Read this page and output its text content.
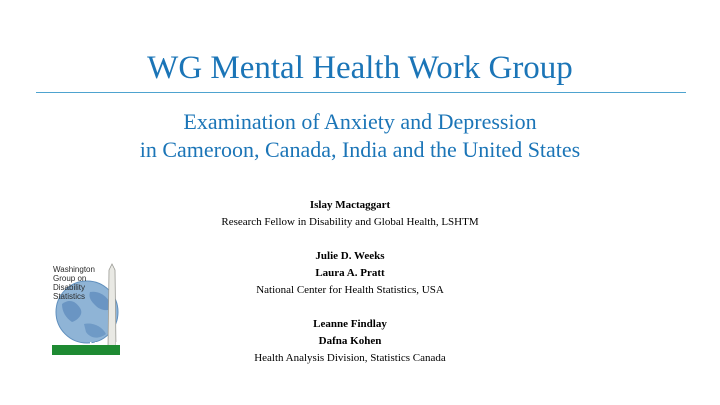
WG Mental Health Work Group
Examination of Anxiety and Depression
in Cameroon, Canada, India and the United States
Islay Mactaggart
Research Fellow in Disability and Global Health, LSHTM
Julie D. Weeks
Laura A. Pratt
National Center for Health Statistics, USA
Leanne Findlay
Dafna Kohen
Health Analysis Division, Statistics Canada
Washington
Group on
Disability
Statistics
